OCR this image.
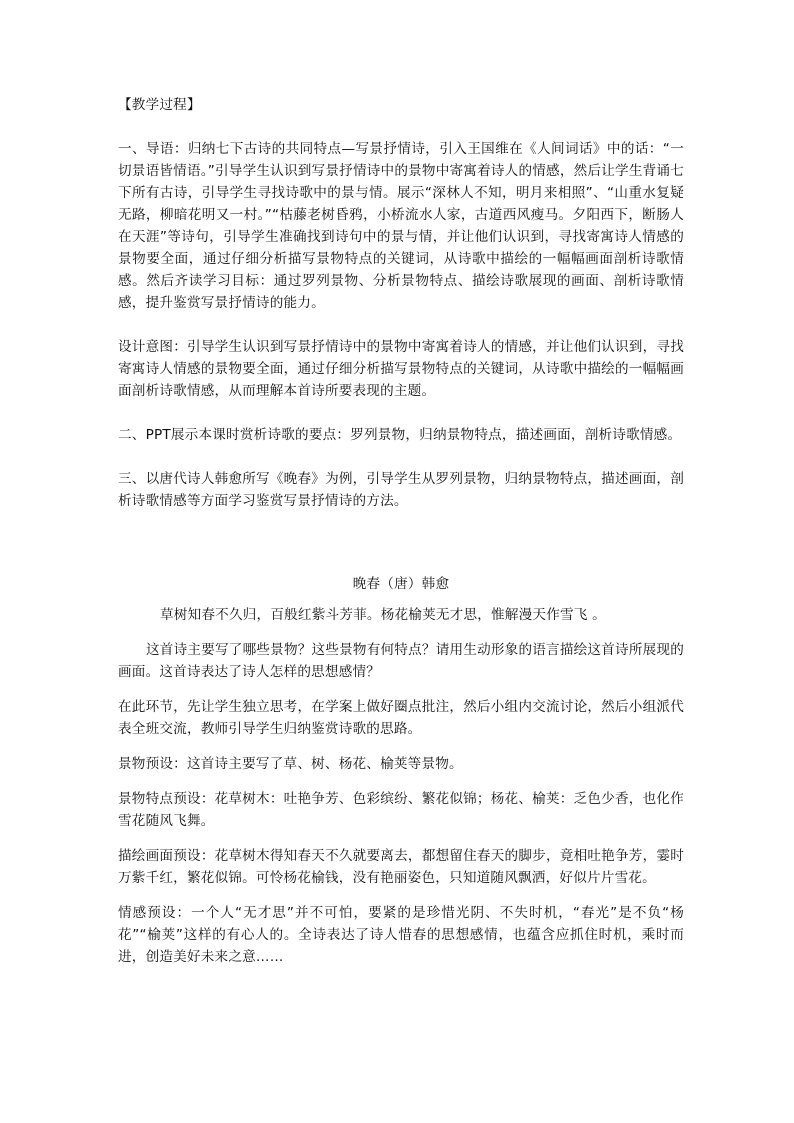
【教学过程】

一、导语：归纳七下古诗的共同特点—写景抒情诗，引入王国维在《人间词话》中的话：“一切景语皆情语。”引导学生认识到写景抒情诗中的景物中寄寓着诗人的情感，然后让学生背诵七下所有古诗，引导学生寻找诗歌中的景与情。展示“深林人不知，明月来相照”、“山重水复疑无路，柳暗花明又一村。”“枯藤老树昏鸦，小桥流水人家，古道西风瘦马。夕阳西下，断肠人在天涯”等诗句，引导学生准确找到诗句中的景与情，并让他们认识到，寻找寄寓诗人情感的景物要全面，通过仔细分析描写景物特点的关键词，从诗歌中描绘的一幅幅画面剖析诗歌情感。然后齐读学习目标：通过罗列景物、分析景物特点、描绘诗歌展现的画面、剖析诗歌情感，提升鉴赏写景抒情诗的能力。

设计意图：引导学生认识到写景抒情诗中的景物中寄寓着诗人的情感，并让他们认识到，寻找寄寓诗人情感的景物要全面，通过仔细分析描写景物特点的关键词，从诗歌中描绘的一幅幅画面剖析诗歌情感，从而理解本首诗所要表现的主题。

二、PPT展示本课时赏析诗歌的要点：罗列景物，归纳景物特点，描述画面，剖析诗歌情感。

三、以唐代诗人韩愈所写《晚春》为例，引导学生从罗列景物，归纳景物特点，描述画面，剖析诗歌情感等方面学习鉴赏写景抒情诗的方法。

晚春（唐）韩愈

草树知春不久归，百般红紫斗芳菲。杨花榆荚无才思，惟解漫天作雪飞 。

这首诗主要写了哪些景物？这些景物有何特点？请用生动形象的语言描绘这首诗所展现的画面。这首诗表达了诗人怎样的思想感情？

在此环节，先让学生独立思考，在学案上做好圈点批注，然后小组内交流讨论，然后小组派代表全班交流，教师引导学生归纳鉴赏诗歌的思路。

景物预设：这首诗主要写了草、树、杨花、榆荚等景物。

景物特点预设：花草树木：吐艳争芳、色彩缤纷、繁花似锦；杨花、榆荚：乏色少香，也化作雪花随风飞舞。

描绘画面预设：花草树木得知春天不久就要离去，都想留住春天的脚步，竟相吐艳争芳，霎时万紫千红，繁花似锦。可怜杨花榆钱，没有艳丽姿色，只知道随风飘洒，好似片片雪花。

情感预设：一个人“无才思”并不可怕，要紧的是珍惜光阴、不失时机，“春光”是不负“杨花”“榆荚”这样的有心人的。全诗表达了诗人惜春的思想感情，也蕴含应抓住时机，乘时而进，创造美好未来之意……
